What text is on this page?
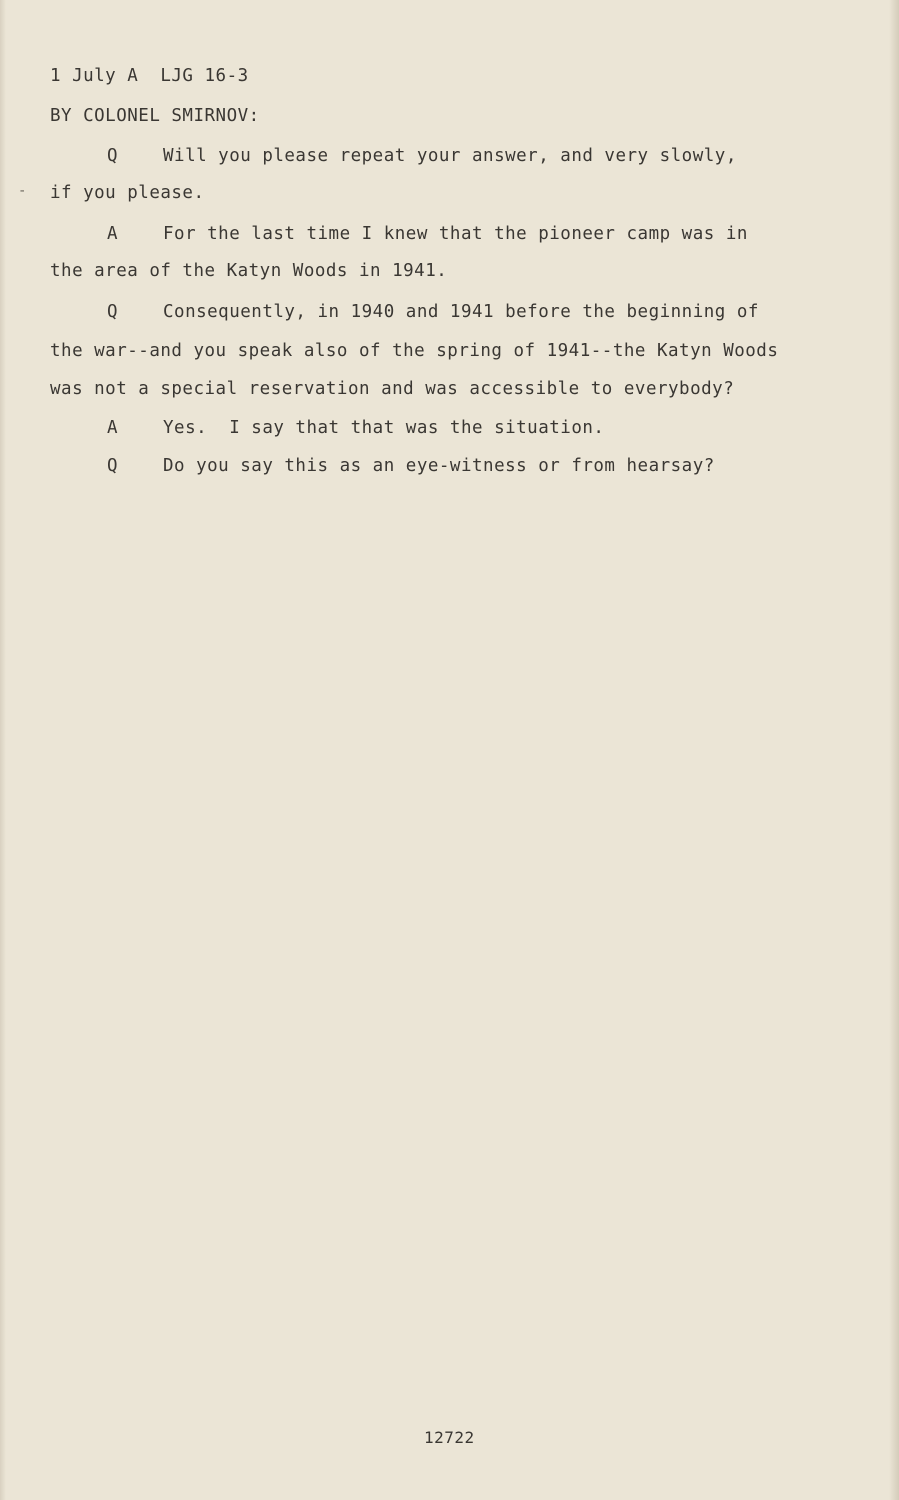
1 July A  LJG 16-3
BY COLONEL SMIRNOV:
-
Q	Will you please repeat your answer, and very slowly,
if you please.
A	For the last time I knew that the pioneer camp was in
the area of the Katyn Woods in 1941.
Q	Consequently, in 1940 and 1941 before the beginning of
the war--and you speak also of the spring of 1941--the Katyn Woods
was not a special reservation and was accessible to everybody?
A	Yes.  I say that that was the situation.
Q	Do you say this as an eye-witness or from hearsay?
12722
